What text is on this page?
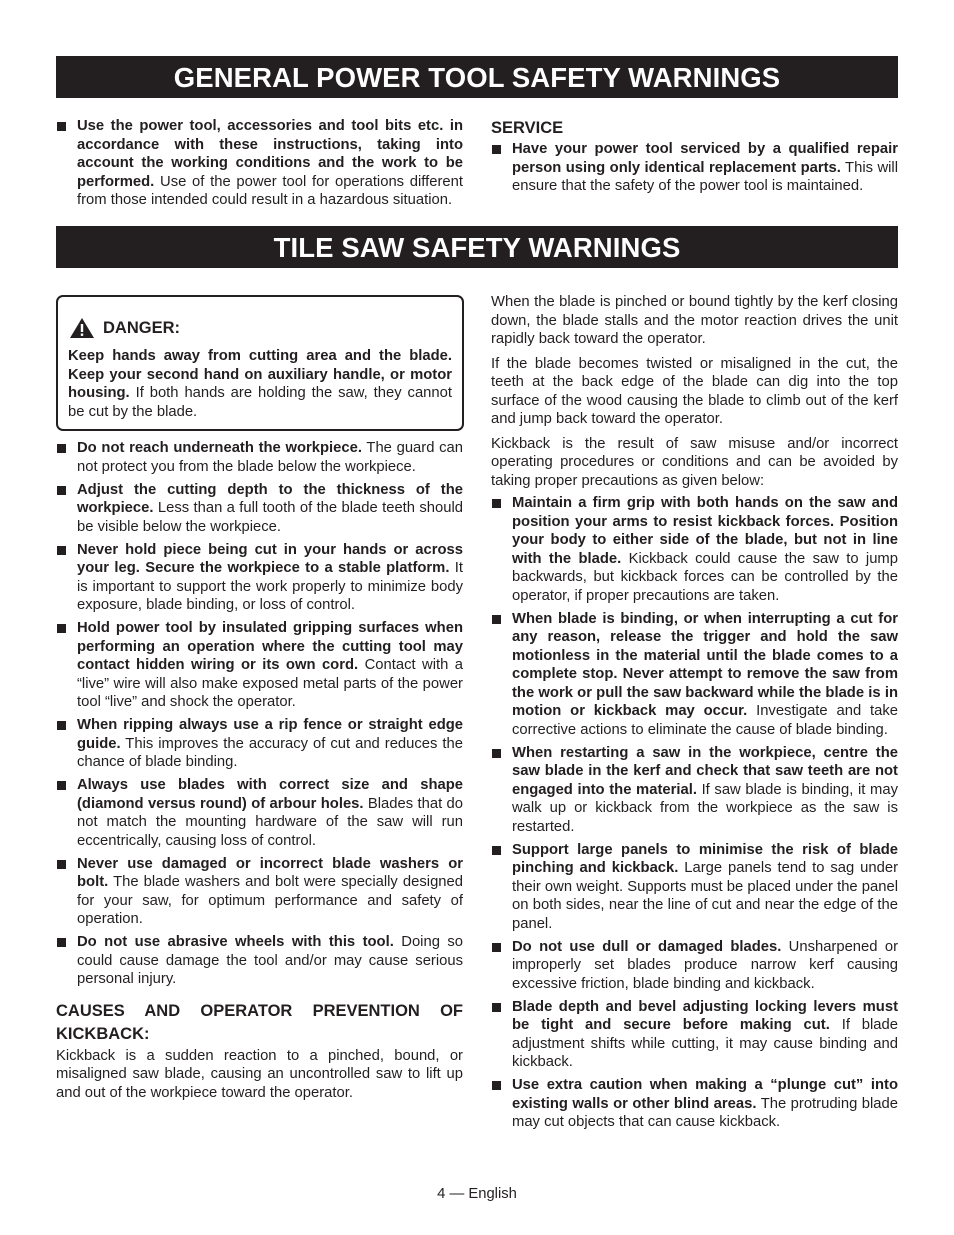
GENERAL POWER TOOL SAFETY WARNINGS

Use the power tool, accessories and tool bits etc. in accordance with these instructions, taking into account the working conditions and the work to be performed. Use of the power tool for operations different from those intended could result in a hazardous situation.

SERVICE

Have your power tool serviced by a qualified repair person using only identical replacement parts. This will ensure that the safety of the power tool is maintained.

TILE SAW SAFETY WARNINGS
DANGER:
Keep hands away from cutting area and the blade. Keep your second hand on auxiliary handle, or motor housing. If both hands are holding the saw, they cannot be cut by the blade.

Do not reach underneath the workpiece. The guard can not protect you from the blade below the workpiece.

Adjust the cutting depth to the thickness of the workpiece. Less than a full tooth of the blade teeth should be visible below the workpiece.

Never hold piece being cut in your hands or across your leg. Secure the workpiece to a stable platform. It is important to support the work properly to minimize body exposure, blade binding, or loss of control.

Hold power tool by insulated gripping surfaces when performing an operation where the cutting tool may contact hidden wiring or its own cord. Contact with a “live” wire will also make exposed metal parts of the power tool “live” and shock the operator.

When ripping always use a rip fence or straight edge guide. This improves the accuracy of cut and reduces the chance of blade binding.

Always use blades with correct size and shape (diamond versus round) of arbour holes. Blades that do not match the mounting hardware of the saw will run eccentrically, causing loss of control.

Never use damaged or incorrect blade washers or bolt. The blade washers and bolt were specially designed for your saw, for optimum performance and safety of operation.

Do not use abrasive wheels with this tool. Doing so could cause damage the tool and/or may cause serious personal injury.

CAUSES AND OPERATOR PREVENTION OF KICKBACK:

Kickback is a sudden reaction to a pinched, bound, or misaligned saw blade, causing an uncontrolled saw to lift up and out of the workpiece toward the operator.

When the blade is pinched or bound tightly by the kerf closing down, the blade stalls and the motor reaction drives the unit rapidly back toward the operator.

If the blade becomes twisted or misaligned in the cut, the teeth at the back edge of the blade can dig into the top surface of the wood causing the blade to climb out of the kerf and jump back toward the operator.

Kickback is the result of saw misuse and/or incorrect operating procedures or conditions and can be avoided by taking proper precautions as given below:

Maintain a firm grip with both hands on the saw and position your arms to resist kickback forces. Position your body to either side of the blade, but not in line with the blade. Kickback could cause the saw to jump backwards, but kickback forces can be controlled by the operator, if proper precautions are taken.

When blade is binding, or when interrupting a cut for any reason, release the trigger and hold the saw motionless in the material until the blade comes to a complete stop. Never attempt to remove the saw from the work or pull the saw backward while the blade is in motion or kickback may occur. Investigate and take corrective actions to eliminate the cause of blade binding.

When restarting a saw in the workpiece, centre the saw blade in the kerf and check that saw teeth are not engaged into the material. If saw blade is binding, it may walk up or kickback from the workpiece as the saw is restarted.

Support large panels to minimise the risk of blade pinching and kickback. Large panels tend to sag under their own weight. Supports must be placed under the panel on both sides, near the line of cut and near the edge of the panel.

Do not use dull or damaged blades. Unsharpened or improperly set blades produce narrow kerf causing excessive friction, blade binding and kickback.

Blade depth and bevel adjusting locking levers must be tight and secure before making cut. If blade adjustment shifts while cutting, it may cause binding and kickback.

Use extra caution when making a “plunge cut” into existing walls or other blind areas. The protruding blade may cut objects that can cause kickback.

4 — English
